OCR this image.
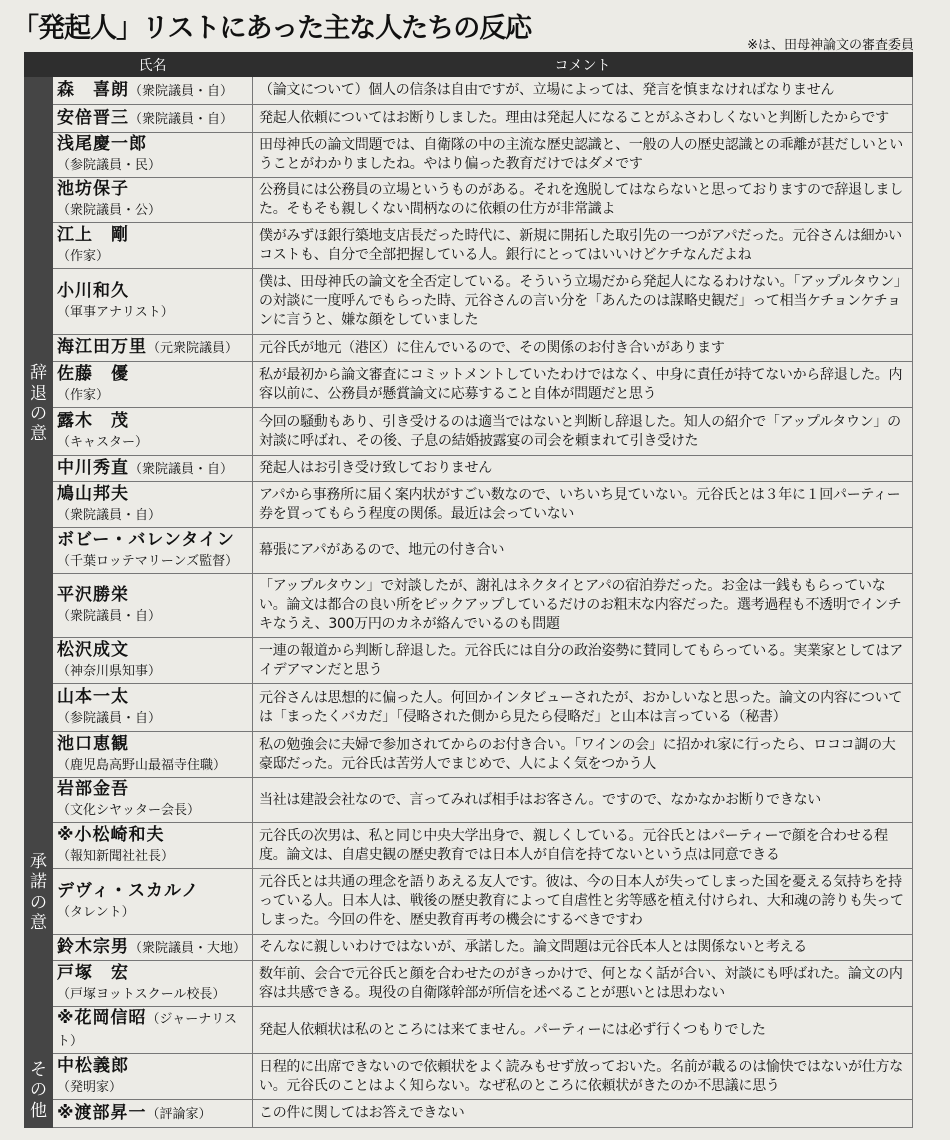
「発起人」リストにあった主な人たちの反応
※は、田母神論文の審査委員
	氏名	コメント

辞
退
の
意	森　喜朗（衆院議員・自）	（論文について）個人の信条は自由ですが、立場によっては、発言を慎まなければなりません
	安倍晋三（衆院議員・自）	発起人依頼についてはお断りしました。理由は発起人になることがふさわしくないと判断したからです
	浅尾慶一郎
（参院議員・民）	田母神氏の論文問題では、自衛隊の中の主流な歴史認識と、一般の人の歴史認識との乖離が甚だしいということがわかりましたね。やはり偏った教育だけではダメです
	池坊保子
（衆院議員・公）	公務員には公務員の立場というものがある。それを逸脱してはならないと思っておりますので辞退しました。そもそも親しくない間柄なのに依頼の仕方が非常識よ
	江上　剛
（作家）	僕がみずほ銀行築地支店長だった時代に、新規に開拓した取引先の一つがアパだった。元谷さんは細かいコストも、自分で全部把握している人。銀行にとってはいいけどケチなんだよね
	小川和久
（軍事アナリスト）	僕は、田母神氏の論文を全否定している。そういう立場だから発起人になるわけない。「アップルタウン」の対談に一度呼んでもらった時、元谷さんの言い分を「あんたのは謀略史観だ」って相当ケチョンケチョンに言うと、嫌な顔をしていました
	海江田万里（元衆院議員）	元谷氏が地元（港区）に住んでいるので、その関係のお付き合いがあります
	佐藤　優
（作家）	私が最初から論文審査にコミットメントしていたわけではなく、中身に責任が持てないから辞退した。内容以前に、公務員が懸賞論文に応募すること自体が問題だと思う
	露木　茂
（キャスター）	今回の騒動もあり、引き受けるのは適当ではないと判断し辞退した。知人の紹介で「アップルタウン」の対談に呼ばれ、その後、子息の結婚披露宴の司会を頼まれて引き受けた
	中川秀直（衆院議員・自）	発起人はお引き受け致しておりません
	鳩山邦夫
（衆院議員・自）	アパから事務所に届く案内状がすごい数なので、いちいち見ていない。元谷氏とは３年に１回パーティー券を買ってもらう程度の関係。最近は会っていない
	ボビー・バレンタイン
（千葉ロッテマリーンズ監督）	幕張にアパがあるので、地元の付き合い
	平沢勝栄
（衆院議員・自）	「アップルタウン」で対談したが、謝礼はネクタイとアパの宿泊券だった。お金は一銭ももらっていない。論文は都合の良い所をピックアップしているだけのお粗末な内容だった。選考過程も不透明でインチキなうえ、300万円のカネが絡んでいるのも問題
	松沢成文
（神奈川県知事）	一連の報道から判断し辞退した。元谷氏には自分の政治姿勢に賛同してもらっている。実業家としてはアイデアマンだと思う
	山本一太
（参院議員・自）	元谷さんは思想的に偏った人。何回かインタビューされたが、おかしいなと思った。論文の内容については「まったくバカだ」「侵略された側から見たら侵略だ」と山本は言っている（秘書）

承
諾
の
意	池口恵観
（鹿児島高野山最福寺住職）	私の勉強会に夫婦で参加されてからのお付き合い。「ワインの会」に招かれ家に行ったら、ロココ調の大豪邸だった。元谷氏は苦労人でまじめで、人によく気をつかう人
	岩部金吾
（文化シヤッター会長）	当社は建設会社なので、言ってみれば相手はお客さん。ですので、なかなかお断りできない
	※小松崎和夫
（報知新聞社社長）	元谷氏の次男は、私と同じ中央大学出身で、親しくしている。元谷氏とはパーティーで顔を合わせる程度。論文は、自虐史観の歴史教育では日本人が自信を持てないという点は同意できる
	デヴィ・スカルノ
（タレント）	元谷氏とは共通の理念を語りあえる友人です。彼は、今の日本人が失ってしまった国を憂える気持ちを持っている人。日本人は、戦後の歴史教育によって自虐性と劣等感を植え付けられ、大和魂の誇りも失ってしまった。今回の件を、歴史教育再考の機会にするべきですわ
	鈴木宗男（衆院議員・大地）	そんなに親しいわけではないが、承諾した。論文問題は元谷氏本人とは関係ないと考える
	戸塚　宏
（戸塚ヨットスクール校長）	数年前、会合で元谷氏と顔を合わせたのがきっかけで、何となく話が合い、対談にも呼ばれた。論文の内容は共感できる。現役の自衛隊幹部が所信を述べることが悪いとは思わない
	※花岡信昭（ジャーナリスト）	発起人依頼状は私のところには来てません。パーティーには必ず行くつもりでした

そ
の
他	中松義郎
（発明家）	日程的に出席できないので依頼状をよく読みもせず放っておいた。名前が載るのは愉快ではないが仕方ない。元谷氏のことはよく知らない。なぜ私のところに依頼状がきたのか不思議に思う
	※渡部昇一（評論家）	この件に関してはお答えできない
